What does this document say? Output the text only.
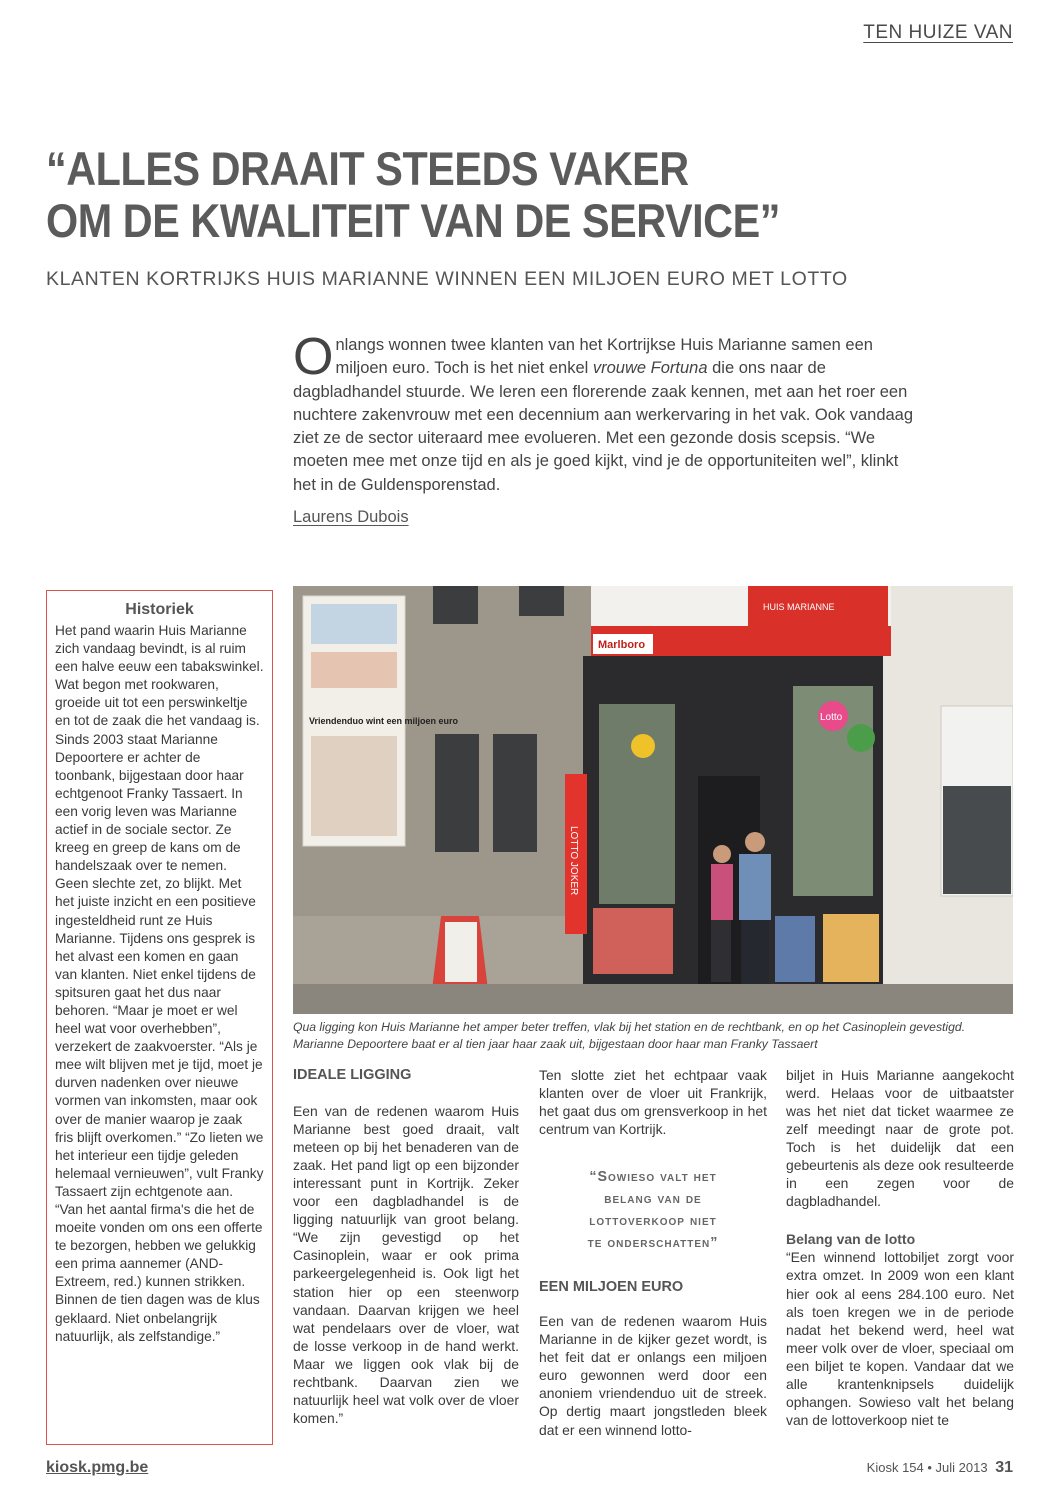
TEN HUIZE VAN
“ALLES DRAAIT STEEDS VAKER
OM DE KWALITEIT VAN DE SERVICE”
KLANTEN KORTRIJKS HUIS MARIANNE WINNEN EEN MILJOEN EURO MET LOTTO

Onlangs wonnen twee klanten van het Kortrijkse Huis Marianne samen een miljoen euro. Toch is het niet enkel vrouwe Fortuna die ons naar de dagbladhandel stuurde. We leren een florerende zaak kennen, met aan het roer een nuchtere zakenvrouw met een decennium aan werkervaring in het vak. Ook vandaag ziet ze de sector uiteraard mee evolueren. Met een gezonde dosis scepsis. “We moeten mee met onze tijd en als je goed kijkt, vind je de opportuniteiten wel”, klinkt het in de Guldensporenstad.

Laurens Dubois
Historiek

Het pand waarin Huis Marianne zich vandaag bevindt, is al ruim een halve eeuw een tabakswinkel. Wat begon met rookwaren, groeide uit tot een perswinkeltje en tot de zaak die het vandaag is. Sinds 2003 staat Marianne Depoortere er achter de toonbank, bijgestaan door haar echtgenoot Franky Tassaert. In een vorig leven was Marianne actief in de sociale sector. Ze kreeg en greep de kans om de handelszaak over te nemen. Geen slechte zet, zo blijkt. Met het juiste inzicht en een positieve ingesteldheid runt ze Huis Marianne. Tijdens ons gesprek is het alvast een komen en gaan van klanten. Niet enkel tijdens de spitsuren gaat het dus naar behoren. “Maar je moet er wel heel wat voor overhebben”, verzekert de zaakvoerster. “Als je mee wilt blijven met je tijd, moet je durven nadenken over nieuwe vormen van inkomsten, maar ook over de manier waarop je zaak fris blijft overkomen.” “Zo lieten we het interieur een tijdje geleden helemaal vernieuwen”, vult Franky Tassaert zijn echtgenote aan. “Van het aantal firma's die het de moeite vonden om ons een offerte te bezorgen, hebben we gelukkig een prima aannemer (AND-Extreem, red.) kunnen strikken. Binnen de tien dagen was de klus geklaard. Niet onbelangrijk natuurlijk, als zelfstandige.”

HUIS MARIANNE
Marlboro
Lotto
LOTTO JOKER
Vriendenduo wint een miljoen euro
Qua ligging kon Huis Marianne het amper beter treffen, vlak bij het station en de rechtbank, en op het Casinoplein gevestigd. Marianne Depoortere baat er al tien jaar haar zaak uit, bijgestaan door haar man Franky Tassaert
IDEALE LIGGING

Een van de redenen waarom Huis Marianne best goed draait, valt meteen op bij het benaderen van de zaak. Het pand ligt op een bijzonder interessant punt in Kortrijk. Zeker voor een dagbladhandel is de ligging natuurlijk van groot belang. “We zijn gevestigd op het Casinoplein, waar er ook prima parkeergelegenheid is. Ook ligt het station hier op een steenworp vandaan. Daarvan krijgen we heel wat pendelaars over de vloer, wat de losse verkoop in de hand werkt. Maar we liggen ook vlak bij de rechtbank. Daarvan zien we natuurlijk heel wat volk over de vloer komen.”

Ten slotte ziet het echtpaar vaak klanten over de vloer uit Frankrijk, het gaat dus om grensverkoop in het centrum van Kortrijk.

“Sowieso valt het
belang van de
lottoverkoop niet
te onderschatten”
EEN MILJOEN EURO

Een van de redenen waarom Huis Marianne in de kijker gezet wordt, is het feit dat er onlangs een miljoen euro gewonnen werd door een anoniem vriendenduo uit de streek. Op dertig maart jongstleden bleek dat er een winnend lotto-

biljet in Huis Marianne aangekocht werd. Helaas voor de uitbaatster was het niet dat ticket waarmee ze zelf meedingt naar de grote pot. Toch is het duidelijk dat een gebeurtenis als deze ook resulteerde in een zegen voor de dagbladhandel.

Belang van de lotto

“Een winnend lottobiljet zorgt voor extra omzet. In 2009 won een klant hier ook al eens 284.100 euro. Net als toen kregen we in de periode nadat het bekend werd, heel wat meer volk over de vloer, speciaal om een biljet te kopen. Vandaar dat we alle krantenknipsels duidelijk ophangen. Sowieso valt het belang van de lottoverkoop niet te

kiosk.pmg.be	Kiosk 154 • Juli 2013 31
